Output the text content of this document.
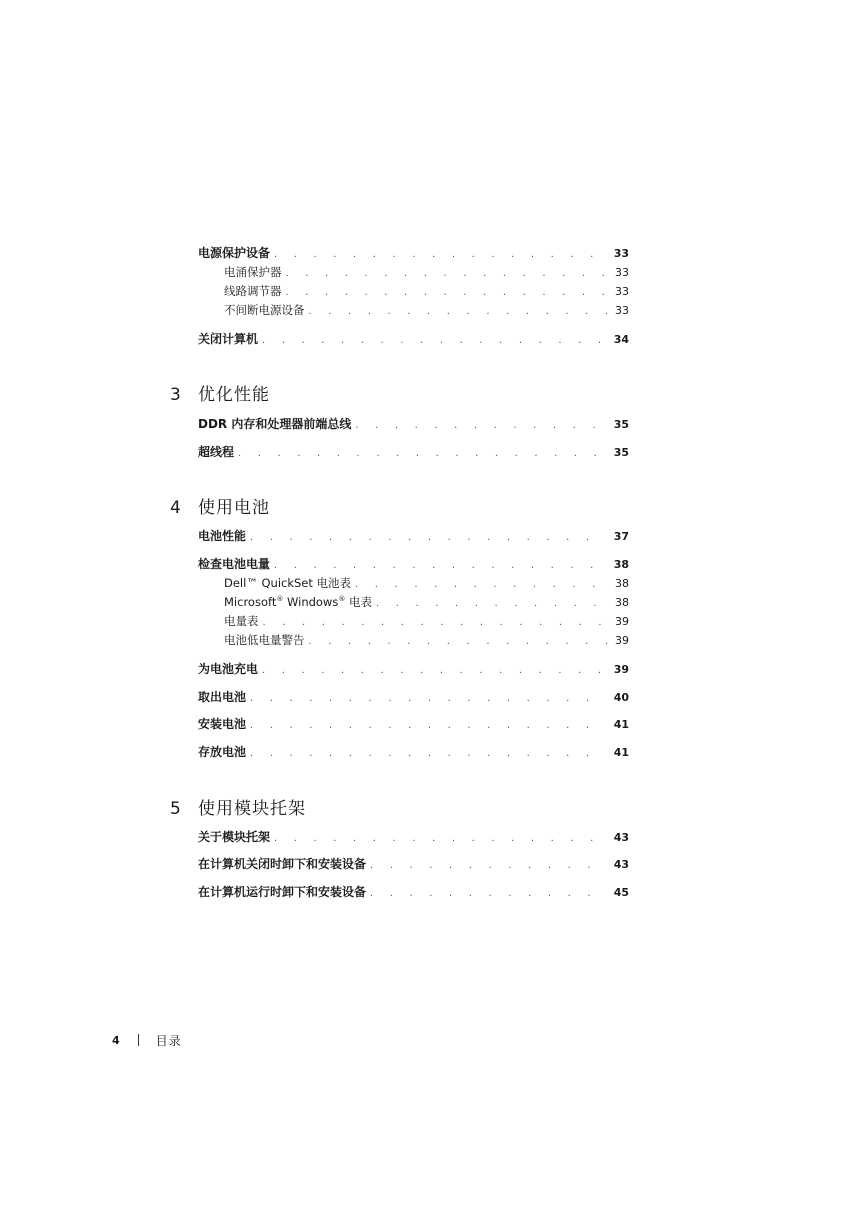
电源保护设备 . . .	33
电涌保护器 . . .	33
线路调节器 . . .	33
不间断电源设备 . . .	33
关闭计算机 . . .	34
3	优化性能
DDR 内存和处理器前端总线 . . .	35
超线程 . . .	35
4	使用电池
电池性能 . . .	37
检查电池电量 . . .	38
Dell™ QuickSet 电池表 . . .	38
Microsoft® Windows® 电表 . . .	38
电量表 . . .	39
电池低电量警告 . . .	39
为电池充电 . . .	39
取出电池 . . .	40
安装电池 . . .	41
存放电池 . . .	41
5	使用模块托架
关于模块托架 . . .	43
在计算机关闭时卸下和安装设备 . . .	43
在计算机运行时卸下和安装设备 . . .	45
4	目录
